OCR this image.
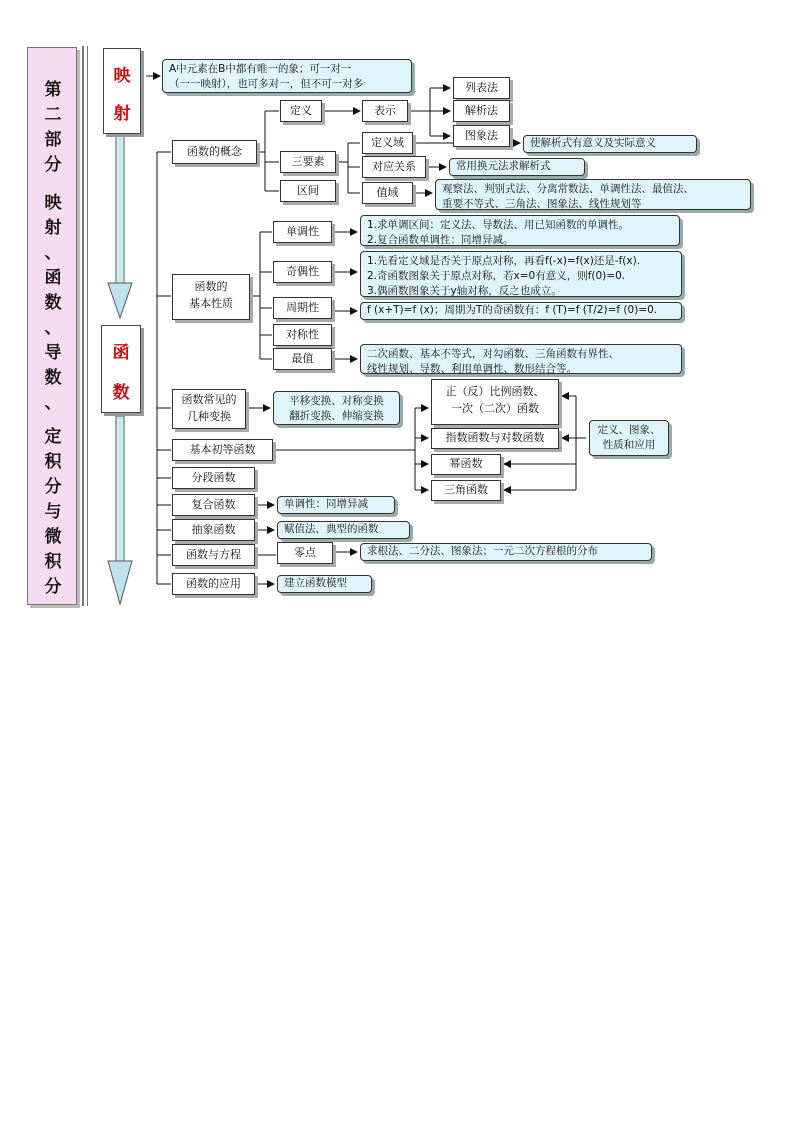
第
二
部
分
映
射
、
函
数
、
导
数
、
定
积
分
与
微
积
分
映
射
函
数
A中元素在B中都有唯一的象；可一对一
（一一映射），也可多对一，但不可一对多
函数的概念
定义	表示
列表法
解析法
图象法
三要素
区间
定义域
对应关系
值域
使解析式有意义及实际意义
常用换元法求解析式
观察法、判别式法、分离常数法、单调性法、最值法、
重要不等式、三角法、图象法、线性规划等
函数的
基本性质
单调性
奇偶性
周期性
对称性
最值
1.求单调区间：定义法、导数法、用已知函数的单调性。
2.复合函数单调性：同增异减。
1.先看定义域是否关于原点对称，再看f(-x)=f(x)还是-f(x).
2.奇函数图象关于原点对称，若x=0有意义，则f(0)=0.
3.偶函数图象关于y轴对称，反之也成立。
f (x+T)=f (x)；周期为T的奇函数有：f (T)=f (T/2)=f (0)=0.
二次函数、基本不等式，对勾函数、三角函数有界性、
线性规划、导数、利用单调性、数形结合等。
函数常见的
几种变换
平移变换、对称变换
翻折变换、伸缩变换
基本初等函数
正（反）比例函数、
一次（二次）函数
指数函数与对数函数
幂函数
三角函数
定义、图象、
性质和应用
分段函数
复合函数	单调性：同增异减
抽象函数	赋值法，典型的函数
函数与方程	零点	求根法、二分法、图象法；一元二次方程根的分布
函数的应用	建立函数模型
